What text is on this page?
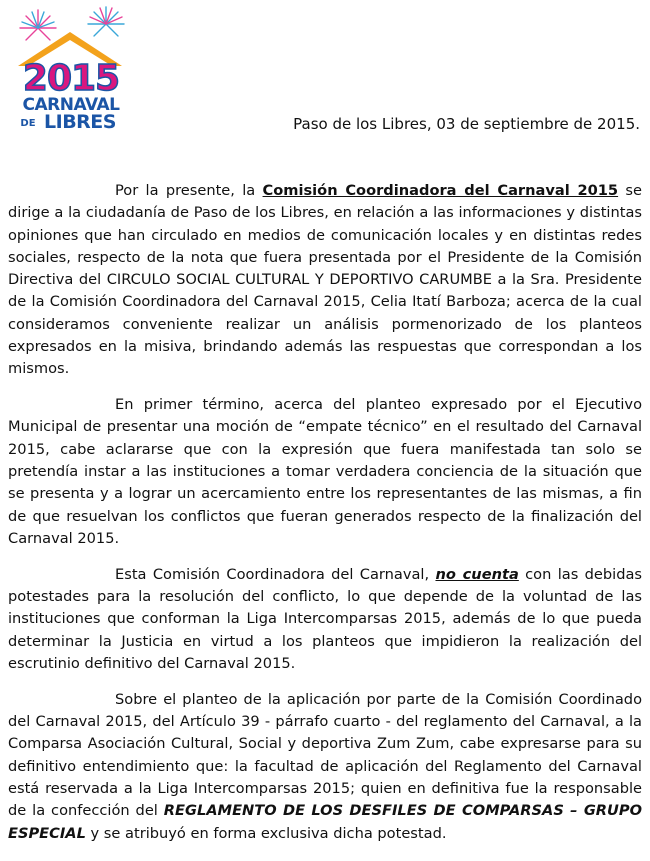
2015
CARNAVAL
DE LIBRES	Paso de los Libres, 03 de septiembre de 2015.

Por la presente, la Comisión Coordinadora del Carnaval 2015 se dirige a la ciudadanía de Paso de los Libres, en relación a las informaciones y distintas opiniones que han circulado en medios de comunicación locales y en distintas redes sociales, respecto de la nota que fuera presentada por el Presidente de la Comisión Directiva del CIRCULO SOCIAL CULTURAL Y DEPORTIVO CARUMBE a la Sra. Presidente de la Comisión Coordinadora del Carnaval 2015, Celia Itatí Barboza; acerca de la cual consideramos conveniente realizar un análisis pormenorizado de los planteos expresados en la misiva, brindando además las respuestas que correspondan a los mismos.

En primer término, acerca del planteo expresado por el Ejecutivo Municipal de presentar una moción de “empate técnico” en el resultado del Carnaval 2015, cabe aclararse que con la expresión que fuera manifestada tan solo se pretendía instar a las instituciones a tomar verdadera conciencia de la situación que se presenta y a lograr un acercamiento entre los representantes de las mismas, a fin de que resuelvan los conflictos que fueran generados respecto de la finalización del Carnaval 2015.

Esta Comisión Coordinadora del Carnaval, no cuenta con las debidas potestades para la resolución del conflicto, lo que depende de la voluntad de las instituciones que conforman la Liga Intercomparsas 2015, además de lo que pueda determinar la Justicia en virtud a los planteos que impidieron la realización del escrutinio definitivo del Carnaval 2015.

Sobre el planteo de la aplicación por parte de la Comisión Coordinado del Carnaval 2015, del Artículo 39 - párrafo cuarto - del reglamento del Carnaval, a la Comparsa Asociación Cultural, Social y deportiva Zum Zum, cabe expresarse para su definitivo entendimiento que: la facultad de aplicación del Reglamento del Carnaval está reservada a la Liga Intercomparsas 2015; quien en definitiva fue la responsable de la confección del REGLAMENTO DE LOS DESFILES DE COMPARSAS – GRUPO ESPECIAL y se atribuyó en forma exclusiva dicha potestad.
